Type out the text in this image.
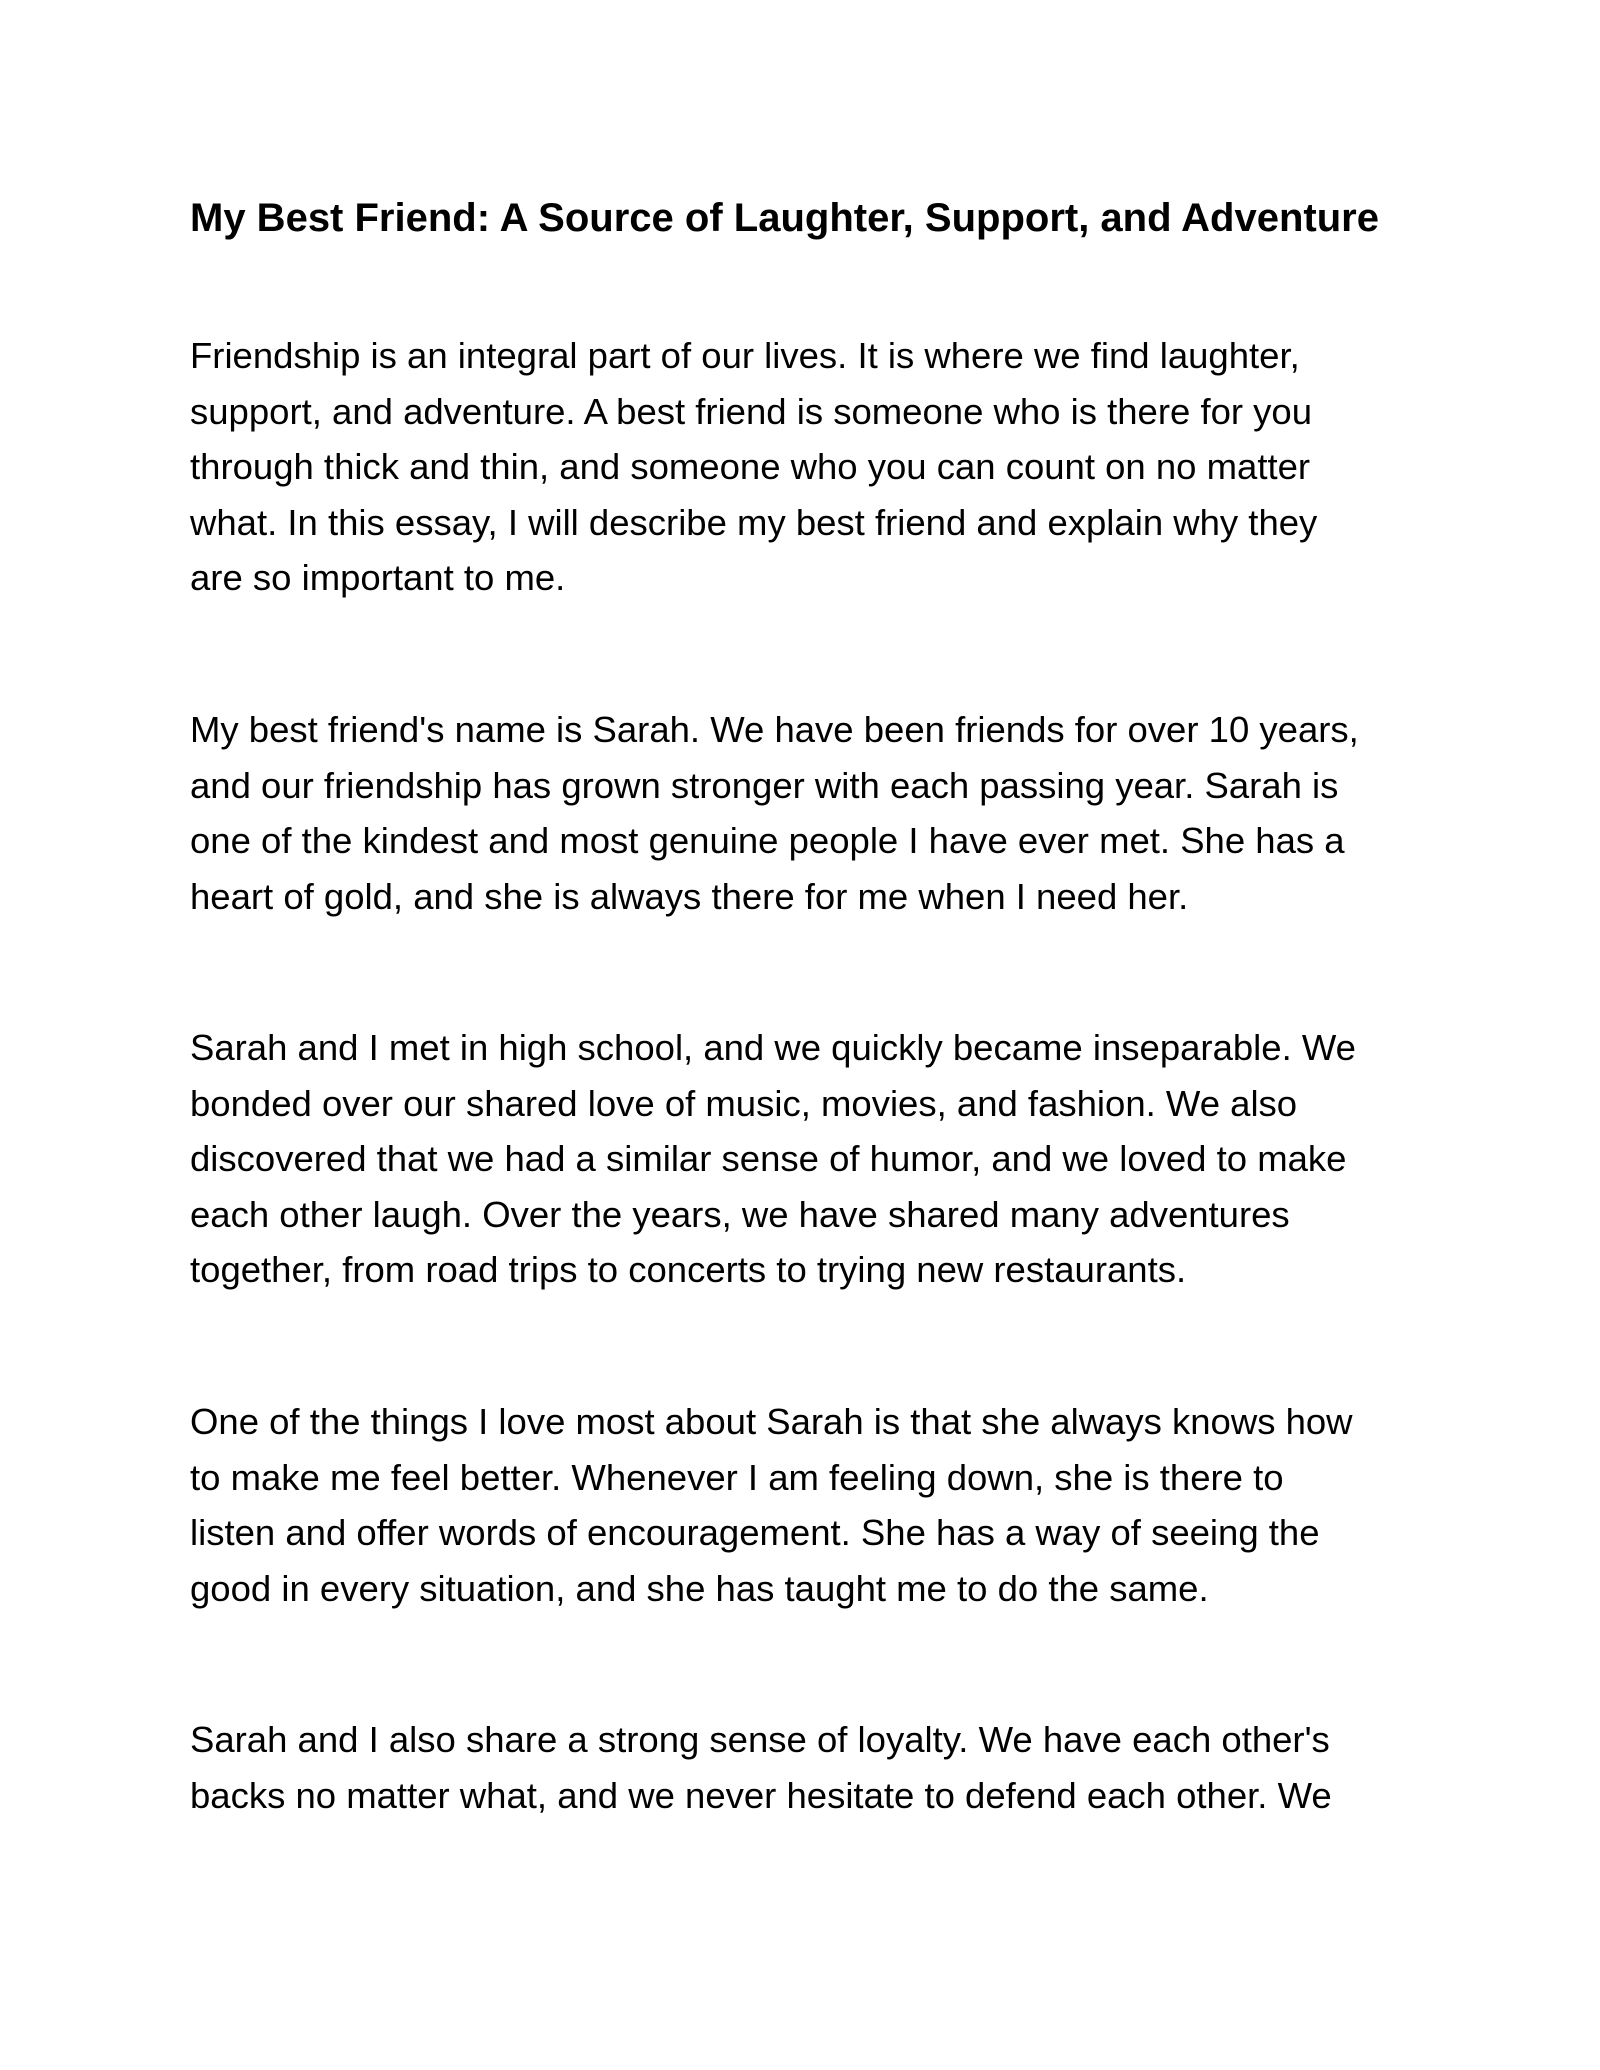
My Best Friend: A Source of Laughter, Support, and Adventure

Friendship is an integral part of our lives. It is where we find laughter,
support, and adventure. A best friend is someone who is there for you
through thick and thin, and someone who you can count on no matter
what. In this essay, I will describe my best friend and explain why they
are so important to me.

My best friend's name is Sarah. We have been friends for over 10 years,
and our friendship has grown stronger with each passing year. Sarah is
one of the kindest and most genuine people I have ever met. She has a
heart of gold, and she is always there for me when I need her.

Sarah and I met in high school, and we quickly became inseparable. We
bonded over our shared love of music, movies, and fashion. We also
discovered that we had a similar sense of humor, and we loved to make
each other laugh. Over the years, we have shared many adventures
together, from road trips to concerts to trying new restaurants.

One of the things I love most about Sarah is that she always knows how
to make me feel better. Whenever I am feeling down, she is there to
listen and offer words of encouragement. She has a way of seeing the
good in every situation, and she has taught me to do the same.

Sarah and I also share a strong sense of loyalty. We have each other's
backs no matter what, and we never hesitate to defend each other. We
